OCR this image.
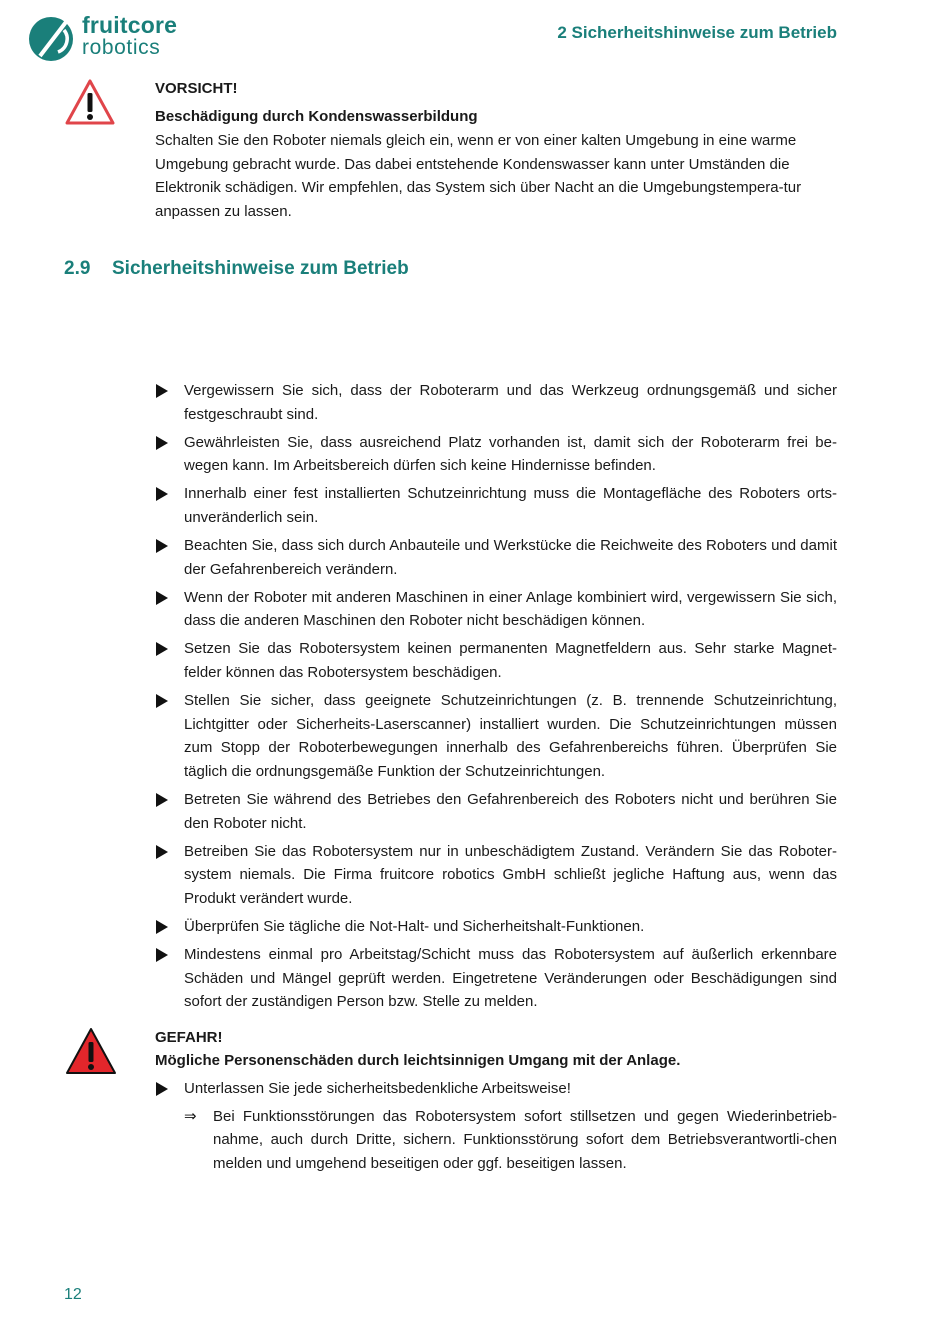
fruitcore
robotics
2 Sicherheitshinweise zum Betrieb

VORSICHT!

Beschädigung durch Kondenswasserbildung

Schalten Sie den Roboter niemals gleich ein, wenn er von einer kalten Umgebung in eine warme Umgebung gebracht wurde. Das dabei entstehende Kondenswasser kann unter Umständen die Elektronik schädigen. Wir empfehlen, das System sich über Nacht an die Umgebungstempera-tur anpassen zu lassen.

2.9 Sicherheitshinweise zum Betrieb
Vergewissern Sie sich, dass der Roboterarm und das Werkzeug ordnungsgemäß und sicher festgeschraubt sind.
Gewährleisten Sie, dass ausreichend Platz vorhanden ist, damit sich der Roboterarm frei be-wegen kann. Im Arbeitsbereich dürfen sich keine Hindernisse befinden.
Innerhalb einer fest installierten Schutzeinrichtung muss die Montagefläche des Roboters orts-unveränderlich sein.
Beachten Sie, dass sich durch Anbauteile und Werkstücke die Reichweite des Roboters und damit der Gefahrenbereich verändern.
Wenn der Roboter mit anderen Maschinen in einer Anlage kombiniert wird, vergewissern Sie sich, dass die anderen Maschinen den Roboter nicht beschädigen können.
Setzen Sie das Robotersystem keinen permanenten Magnetfeldern aus. Sehr starke Magnet-felder können das Robotersystem beschädigen.
Stellen Sie sicher, dass geeignete Schutzeinrichtungen (z. B. trennende Schutzeinrichtung, Lichtgitter oder Sicherheits-Laserscanner) installiert wurden. Die Schutzeinrichtungen müssen zum Stopp der Roboterbewegungen innerhalb des Gefahrenbereichs führen. Überprüfen Sie täglich die ordnungsgemäße Funktion der Schutzeinrichtungen.
Betreten Sie während des Betriebes den Gefahrenbereich des Roboters nicht und berühren Sie den Roboter nicht.
Betreiben Sie das Robotersystem nur in unbeschädigtem Zustand. Verändern Sie das Roboter-system niemals. Die Firma fruitcore robotics GmbH schließt jegliche Haftung aus, wenn das Produkt verändert wurde.
Überprüfen Sie tägliche die Not-Halt- und Sicherheitshalt-Funktionen.
Mindestens einmal pro Arbeitstag/Schicht muss das Robotersystem auf äußerlich erkennbare Schäden und Mängel geprüft werden. Eingetretene Veränderungen oder Beschädigungen sind sofort der zuständigen Person bzw. Stelle zu melden.

GEFAHR!

Mögliche Personenschäden durch leichtsinnigen Umgang mit der Anlage.

Unterlassen Sie jede sicherheitsbedenkliche Arbeitsweise!
⇒ Bei Funktionsstörungen das Robotersystem sofort stillsetzen und gegen Wiederinbetrieb-nahme, auch durch Dritte, sichern. Funktionsstörung sofort dem Betriebsverantwortli-chen melden und umgehend beseitigen oder ggf. beseitigen lassen.
12
